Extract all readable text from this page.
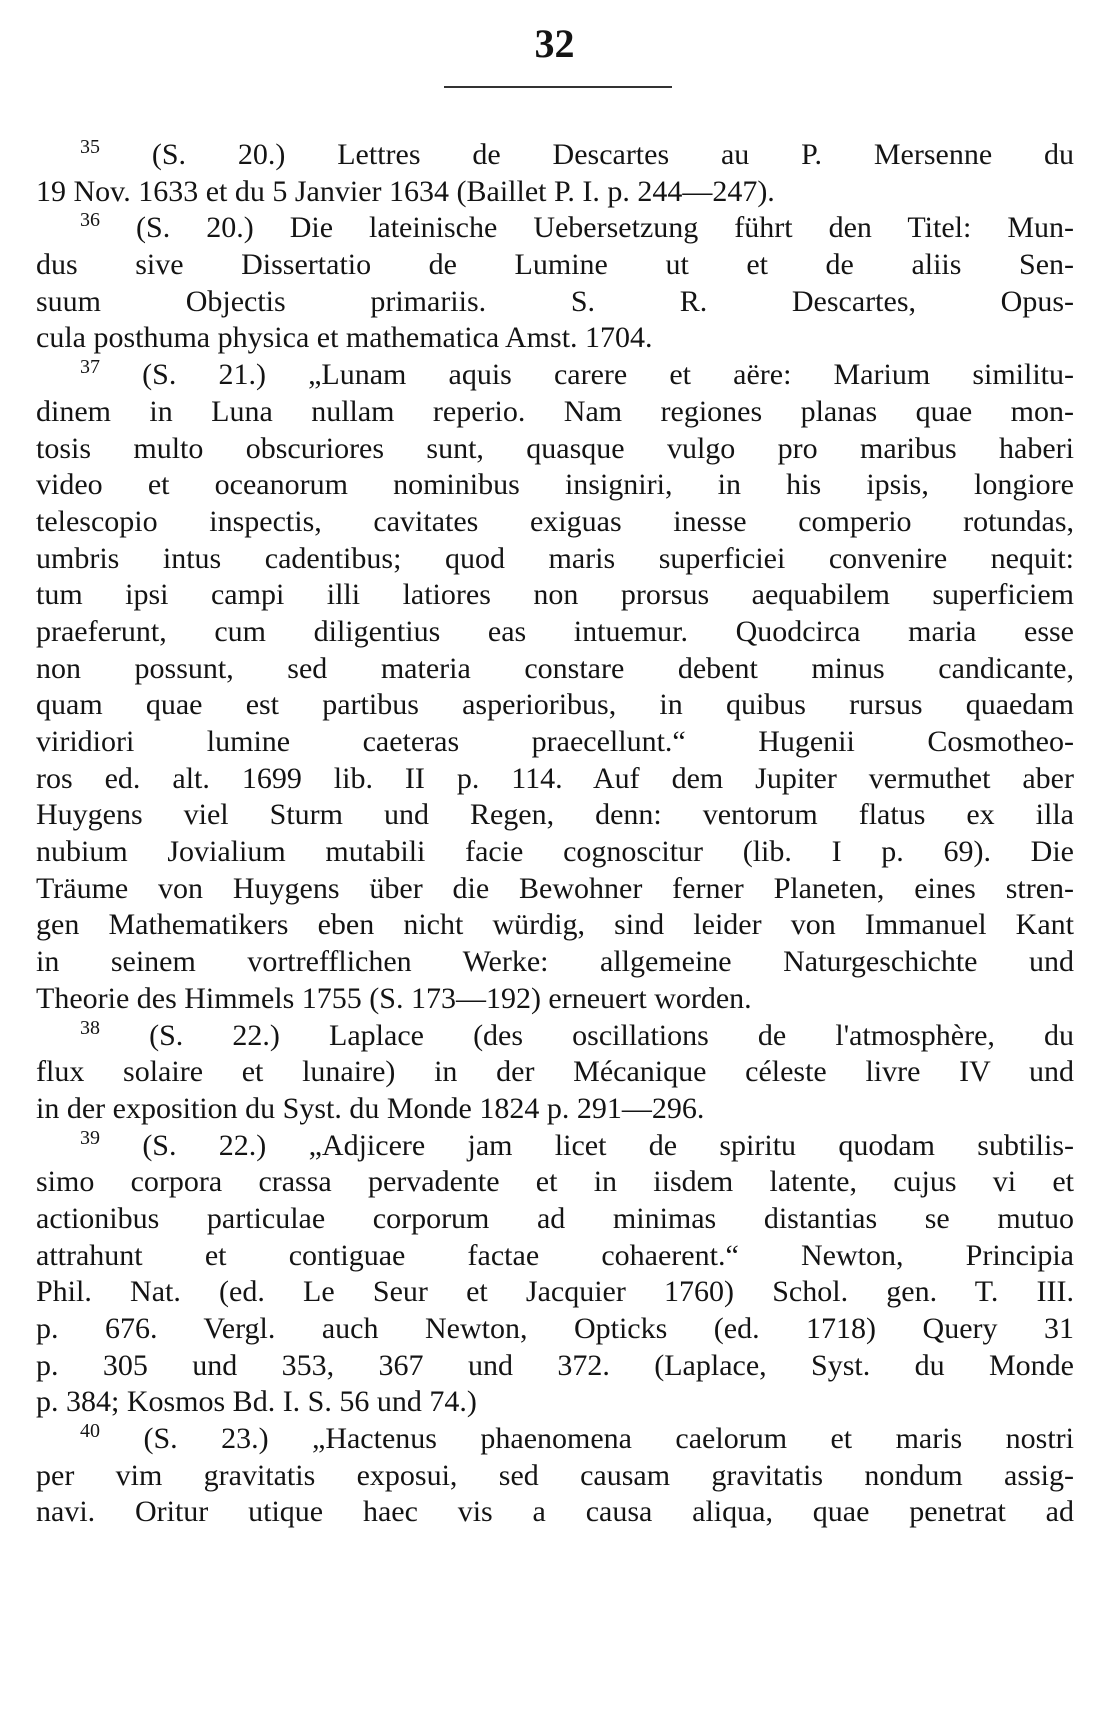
32
$^{35}$ (S. 20.) Lettres de Descartes au P. Mersenne du
19 Nov. 1633 et du 5 Janvier 1634 (Baillet P. I. p. 244—247).
$^{36}$ (S. 20.) Die lateinische Uebersetzung führt den Titel: Mun-
dus sive Dissertatio de Lumine ut et de aliis Sen-
suum Objectis primariis. S. R. Descartes, Opus-
cula posthuma physica et mathematica Amst. 1704.
$^{37}$ (S. 21.) „Lunam aquis carere et aëre: Marium similitu-
dinem in Luna nullam reperio. Nam regiones planas quae mon-
tosis multo obscuriores sunt, quasque vulgo pro maribus haberi
video et oceanorum nominibus insigniri, in his ipsis, longiore
telescopio inspectis, cavitates exiguas inesse comperio rotundas,
umbris intus cadentibus; quod maris superficiei convenire nequit:
tum ipsi campi illi latiores non prorsus aequabilem superficiem
praeferunt, cum diligentius eas intuemur. Quodcirca maria esse
non possunt, sed materia constare debent minus candicante,
quam quae est partibus asperioribus, in quibus rursus quaedam
viridiori lumine caeteras praecellunt.“ Hugenii Cosmotheo-
ros ed. alt. 1699 lib. II p. 114. Auf dem Jupiter vermuthet aber
Huygens viel Sturm und Regen, denn: ventorum flatus ex illa
nubium Jovialium mutabili facie cognoscitur (lib. I p. 69). Die
Träume von Huygens über die Bewohner ferner Planeten, eines stren-
gen Mathematikers eben nicht würdig, sind leider von Immanuel Kant
in seinem vortrefflichen Werke: allgemeine Naturgeschichte und
Theorie des Himmels 1755 (S. 173—192) erneuert worden.
$^{38}$ (S. 22.) Laplace (des oscillations de l'atmosphère, du
flux solaire et lunaire) in der Mécanique céleste livre IV und
in der exposition du Syst. du Monde 1824 p. 291—296.
$^{39}$ (S. 22.) „Adjicere jam licet de spiritu quodam subtilis-
simo corpora crassa pervadente et in iisdem latente, cujus vi et
actionibus particulae corporum ad minimas distantias se mutuo
attrahunt et contiguae factae cohaerent.“ Newton, Principia
Phil. Nat. (ed. Le Seur et Jacquier 1760) Schol. gen. T. III.
p. 676. Vergl. auch Newton, Opticks (ed. 1718) Query 31
p. 305 und 353, 367 und 372. (Laplace, Syst. du Monde
p. 384; Kosmos Bd. I. S. 56 und 74.)
$^{40}$ (S. 23.) „Hactenus phaenomena caelorum et maris nostri
per vim gravitatis exposui, sed causam gravitatis nondum assig-
navi. Oritur utique haec vis a causa aliqua, quae penetrat ad
